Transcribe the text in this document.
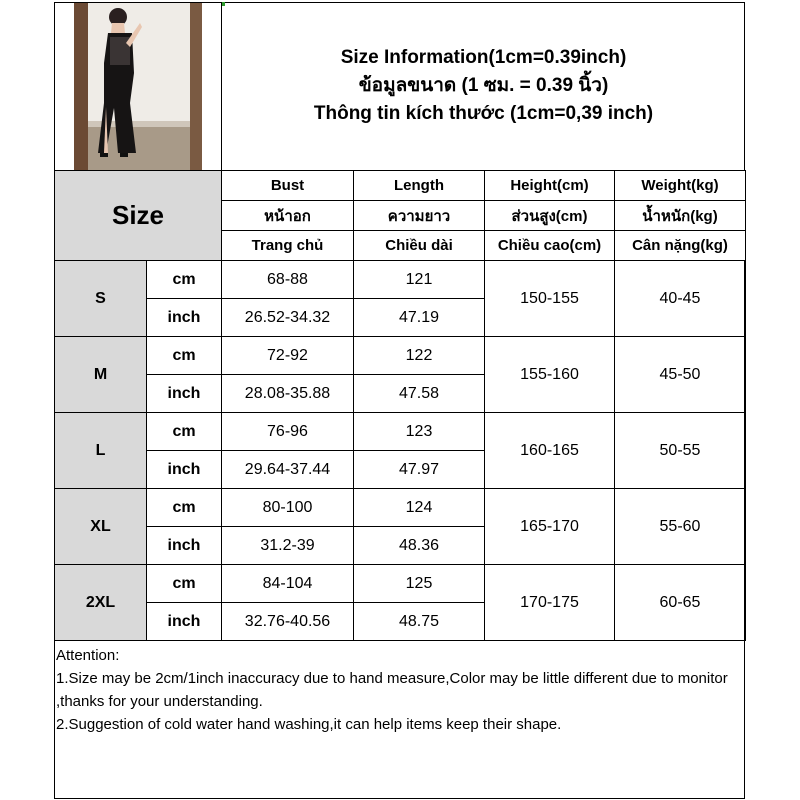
Size Information(1cm=0.39inch)
ข้อมูลขนาด (1 ซม. = 0.39 นิ้ว)
Thông tin kích thước (1cm=0,39 inch)
Size		Bust	Length	Height(cm)	Weight(kg)
		หน้าอก	ความยาว	ส่วนสูง(cm)	น้ำหนัก(kg)
		Trang chủ	Chiều dài	Chiều cao(cm)	Cân nặng(kg)
S	cm	68-88	121	150-155	40-45
	inch	26.52-34.32	47.19		
M	cm	72-92	122	155-160	45-50
	inch	28.08-35.88	47.58		
L	cm	76-96	123	160-165	50-55
	inch	29.64-37.44	47.97		
XL	cm	80-100	124	165-170	55-60
	inch	31.2-39	48.36		
2XL	cm	84-104	125	170-175	60-65
	inch	32.76-40.56	48.75		

Attention:

1.Size may be 2cm/1inch inaccuracy due to hand measure,Color may be little different due to monitor ,thanks for your understanding.

2.Suggestion of cold water hand washing,it can help items keep their shape.
